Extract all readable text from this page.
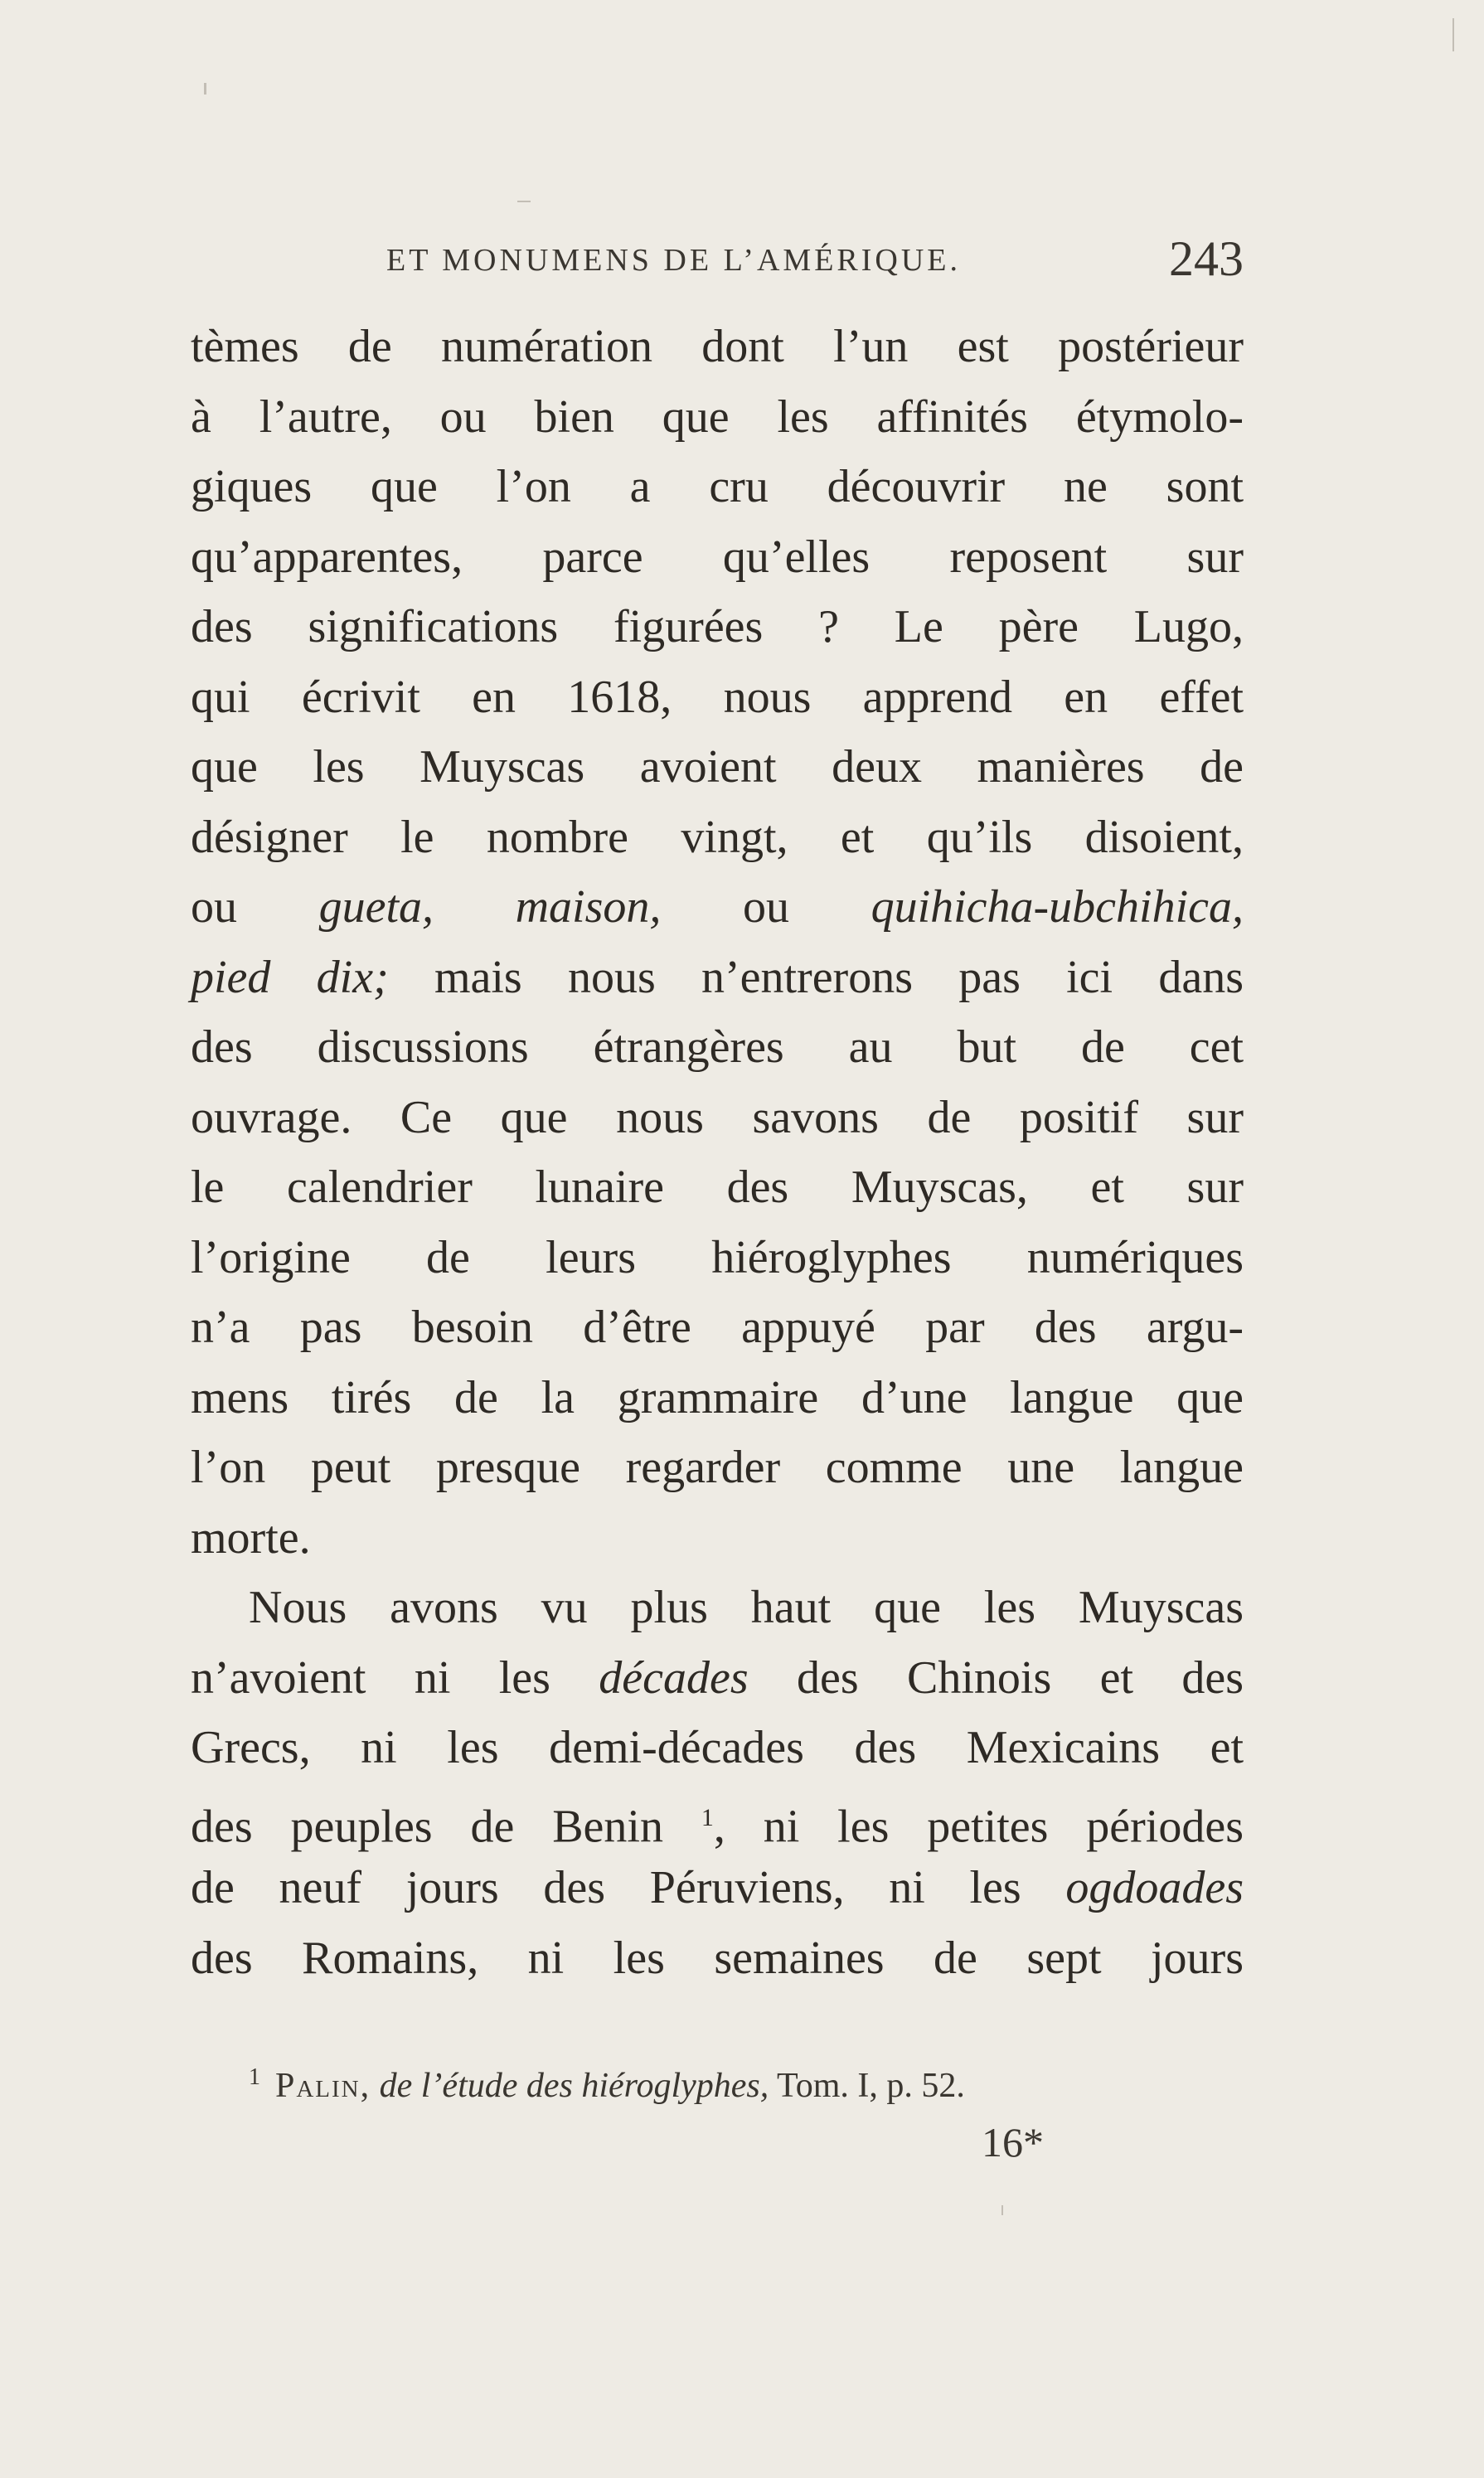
ET MONUMENS DE L’AMÉRIQUE.	243
tèmes de numération dont l’un est postérieur
à l’autre, ou bien que les affinités étymolo-
giques que l’on a cru découvrir ne sont
qu’apparentes, parce qu’elles reposent sur
des significations figurées ? Le père Lugo,
qui écrivit en 1618, nous apprend en effet
que les Muyscas avoient deux manières de
désigner le nombre vingt, et qu’ils disoient,
ou gueta, maison, ou quihicha-ubchihica,
pied dix; mais nous n’entrerons pas ici dans
des discussions étrangères au but de cet
ouvrage. Ce que nous savons de positif sur
le calendrier lunaire des Muyscas, et sur
l’origine de leurs hiéroglyphes numériques
n’a pas besoin d’être appuyé par des argu-
mens tirés de la grammaire d’une langue que
l’on peut presque regarder comme une langue
morte.
Nous avons vu plus haut que les Muyscas
n’avoient ni les décades des Chinois et des
Grecs, ni les demi-décades des Mexicains et
des peuples de Benin $^1$, ni les petites périodes
de neuf jours des Péruviens, ni les ogdoades
des Romains, ni les semaines de sept jours
$^1$ Palin, de l’étude des hiéroglyphes, Tom. I, p. 52.
16*
